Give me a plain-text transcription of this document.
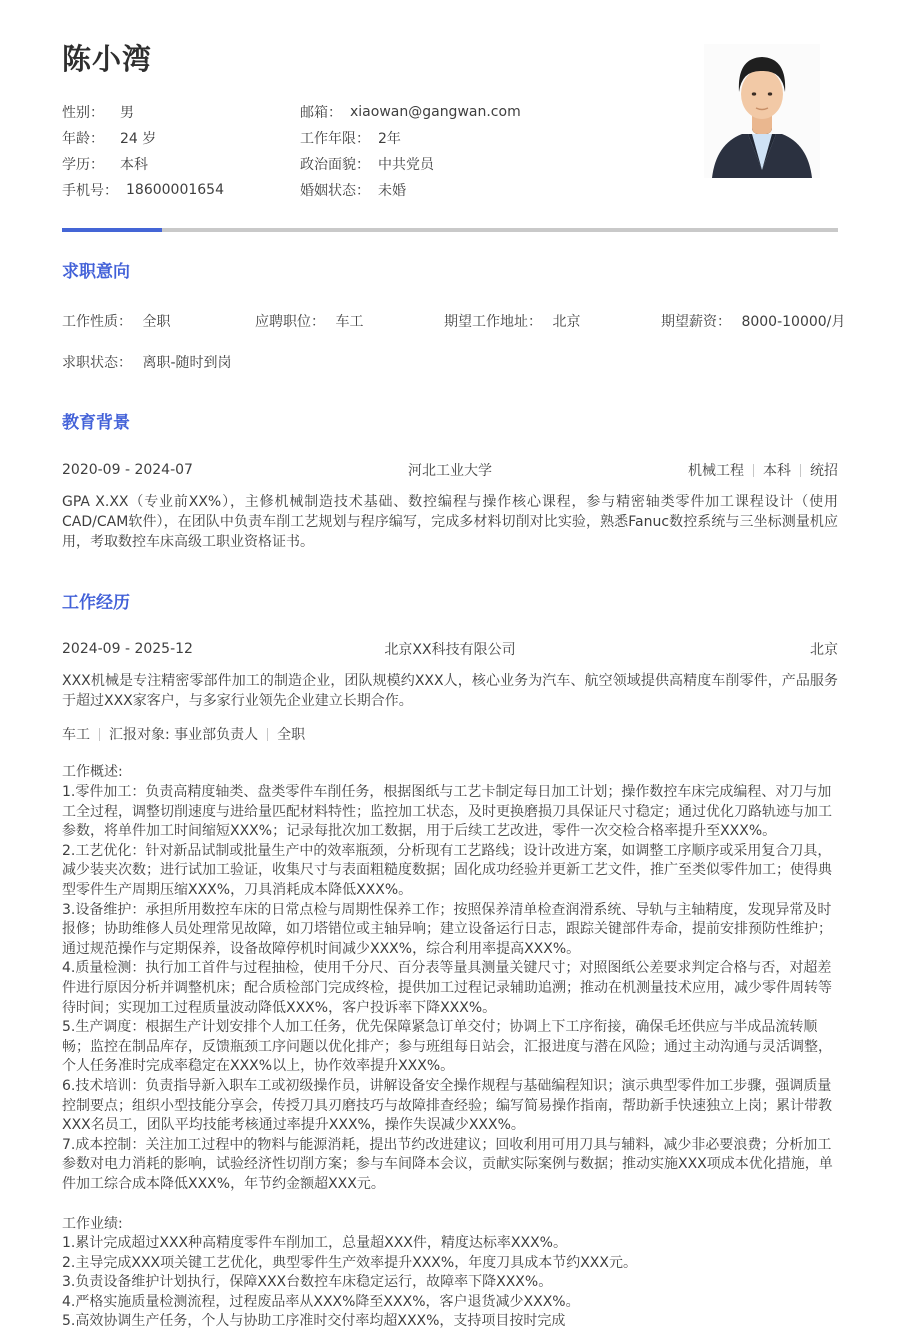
陈小湾
性别：	男
年龄：	24 岁
学历：	本科
手机号： 18600001654
邮箱： xiaowan@gangwan.com
工作年限： 2年
政治面貌： 中共党员
婚姻状态： 未婚
求职意向
工作性质： 全职	应聘职位： 车工	期望工作地址： 北京	期望薪资： 8000-10000/月
求职状态： 离职-随时到岗
教育背景
2020-09 - 2024-07	河北工业大学	机械工程 本科 统招

GPA X.XX（专业前XX%），主修机械制造技术基础、数控编程与操作核心课程，参与精密轴类零件加工课程设计（使用CAD/CAM软件），在团队中负责车削工艺规划与程序编写，完成多材料切削对比实验，熟悉Fanuc数控系统与三坐标测量机应用，考取数控车床高级工职业资格证书。

工作经历
2024-09 - 2025-12	北京XX科技有限公司	北京

XXX机械是专注精密零部件加工的制造企业，团队规模约XXX人，核心业务为汽车、航空领域提供高精度车削零件，产品服务于超过XXX家客户，与多家行业领先企业建立长期合作。

车工 汇报对象: 事业部负责人 全职

工作概述:

1.零件加工：负责高精度轴类、盘类零件车削任务，根据图纸与工艺卡制定每日加工计划；操作数控车床完成编程、对刀与加工全过程，调整切削速度与进给量匹配材料特性；监控加工状态，及时更换磨损刀具保证尺寸稳定；通过优化刀路轨迹与加工参数，将单件加工时间缩短XXX%；记录每批次加工数据，用于后续工艺改进，零件一次交检合格率提升至XXX%。

2.工艺优化：针对新品试制或批量生产中的效率瓶颈，分析现有工艺路线；设计改进方案，如调整工序顺序或采用复合刀具，减少装夹次数；进行试加工验证，收集尺寸与表面粗糙度数据；固化成功经验并更新工艺文件，推广至类似零件加工；使得典型零件生产周期压缩XXX%，刀具消耗成本降低XXX%。

3.设备维护：承担所用数控车床的日常点检与周期性保养工作；按照保养清单检查润滑系统、导轨与主轴精度，发现异常及时报修；协助维修人员处理常见故障，如刀塔错位或主轴异响；建立设备运行日志，跟踪关键部件寿命，提前安排预防性维护；通过规范操作与定期保养，设备故障停机时间减少XXX%，综合利用率提高XXX%。

4.质量检测：执行加工首件与过程抽检，使用千分尺、百分表等量具测量关键尺寸；对照图纸公差要求判定合格与否，对超差件进行原因分析并调整机床；配合质检部门完成终检，提供加工过程记录辅助追溯；推动在机测量技术应用，减少零件周转等待时间；实现加工过程质量波动降低XXX%，客户投诉率下降XXX%。

5.生产调度：根据生产计划安排个人加工任务，优先保障紧急订单交付；协调上下工序衔接，确保毛坯供应与半成品流转顺畅；监控在制品库存，反馈瓶颈工序问题以优化排产；参与班组每日站会，汇报进度与潜在风险；通过主动沟通与灵活调整，个人任务准时完成率稳定在XXX%以上，协作效率提升XXX%。

6.技术培训：负责指导新入职车工或初级操作员，讲解设备安全操作规程与基础编程知识；演示典型零件加工步骤，强调质量控制要点；组织小型技能分享会，传授刀具刃磨技巧与故障排查经验；编写简易操作指南，帮助新手快速独立上岗；累计带教XXX名员工，团队平均技能考核通过率提升XXX%，操作失误减少XXX%。

7.成本控制：关注加工过程中的物料与能源消耗，提出节约改进建议；回收利用可用刀具与辅料，减少非必要浪费；分析加工参数对电力消耗的影响，试验经济性切削方案；参与车间降本会议，贡献实际案例与数据；推动实施XXX项成本优化措施，单件加工综合成本降低XXX%，年节约金额超XXX元。

工作业绩:

1.累计完成超过XXX种高精度零件车削加工，总量超XXX件，精度达标率XXX%。

2.主导完成XXX项关键工艺优化，典型零件生产效率提升XXX%，年度刀具成本节约XXX元。

3.负责设备维护计划执行，保障XXX台数控车床稳定运行，故障率下降XXX%。

4.严格实施质量检测流程，过程废品率从XXX%降至XXX%，客户退货减少XXX%。

5.高效协调生产任务，个人与协助工序准时交付率均超XXX%，支持项目按时完成
